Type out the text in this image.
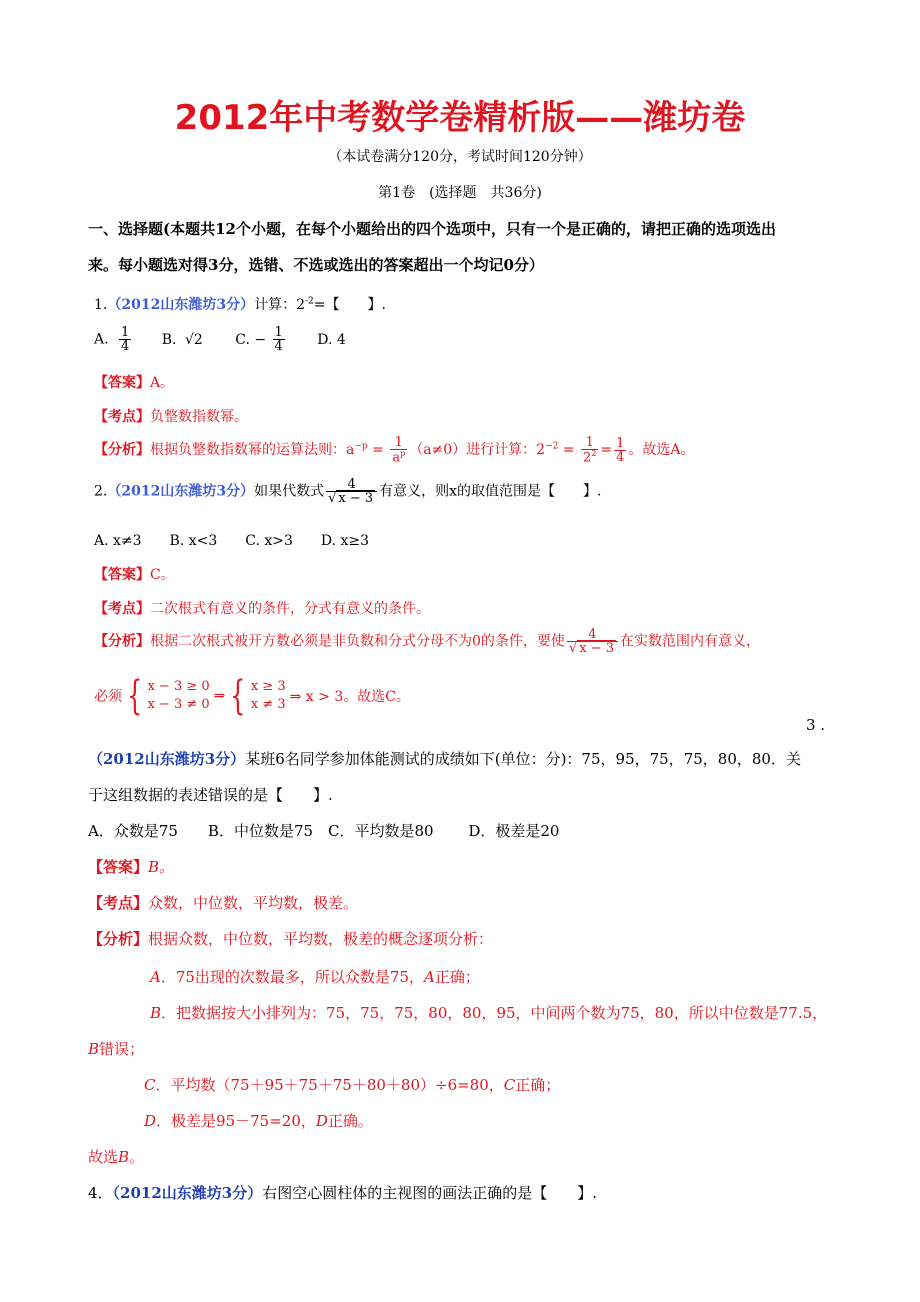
2012年中考数学卷精析版——潍坊卷
（本试卷满分120分，考试时间120分钟）
第1卷　(选择题　共36分)
一、选择题(本题共12个小题，在每个小题给出的四个选项中，只有一个是正确的，请把正确的选项选出
来。每小题选对得3分，选错、不选或选出的答案超出一个均记0分）
1.（2012山东潍坊3分）计算：$2^{-2}=$【　　】.
A. $\frac{1}{4} B$. √2 C. − $\frac{1}{4} D$. 4
【答案】A。
【考点】负整数指数幂。
【分析】根据负整数指数幂的运算法则：$a^{-p} = \frac{1}{a^p} (a\ne 0)$进行计算：$2^{-2} = \frac{1}{2^2} = \frac{1}{4}$ 。故选A。
2.（2012山东潍坊3分）如果代数式 $\frac{4}{√ x - 3}$ 有意义，则x的取值范围是【　　】.
A. x≠3　　B. x<3　　C. x>3　　D. x≥3
【答案】C。
【考点】二次根式有意义的条件，分式有意义的条件。
【分析】根据二次根式被开方数必须是非负数和分式分母不为0的条件，要使 $\frac{4}{√ x - 3}$ 在实数范围内有意义，
必须 { x − 3 ≥ 0
x − 3 ≠ 0
⇒ { x ≥ 3
x ≠ 3 ⇒ x > 3。故选C。
3 .
（2012山东潍坊3分）某班6名同学参加体能测试的成绩如下(单位：分)：75，95，75，75，80，80．关
于这组数据的表述错误的是【　　】.
A．众数是75　　B．中位数是75　C．平均数是80　　 D．极差是20
【答案】B。
【考点】众数，中位数，平均数，极差。
【分析】根据众数，中位数，平均数，极差的概念逐项分析：
A．75出现的次数最多，所以众数是75，A正确；
B．把数据按大小排列为：75，75，75，80，80，95，中间两个数为75，80，所以中位数是77.5，
B错误；
C．平均数（75＋95＋75＋75＋80＋80）÷6=80，C正确；
D．极差是95－75=20，D正确。
故选B。
4．（2012山东潍坊3分）右图空心圆柱体的主视图的画法正确的是【　　】.
